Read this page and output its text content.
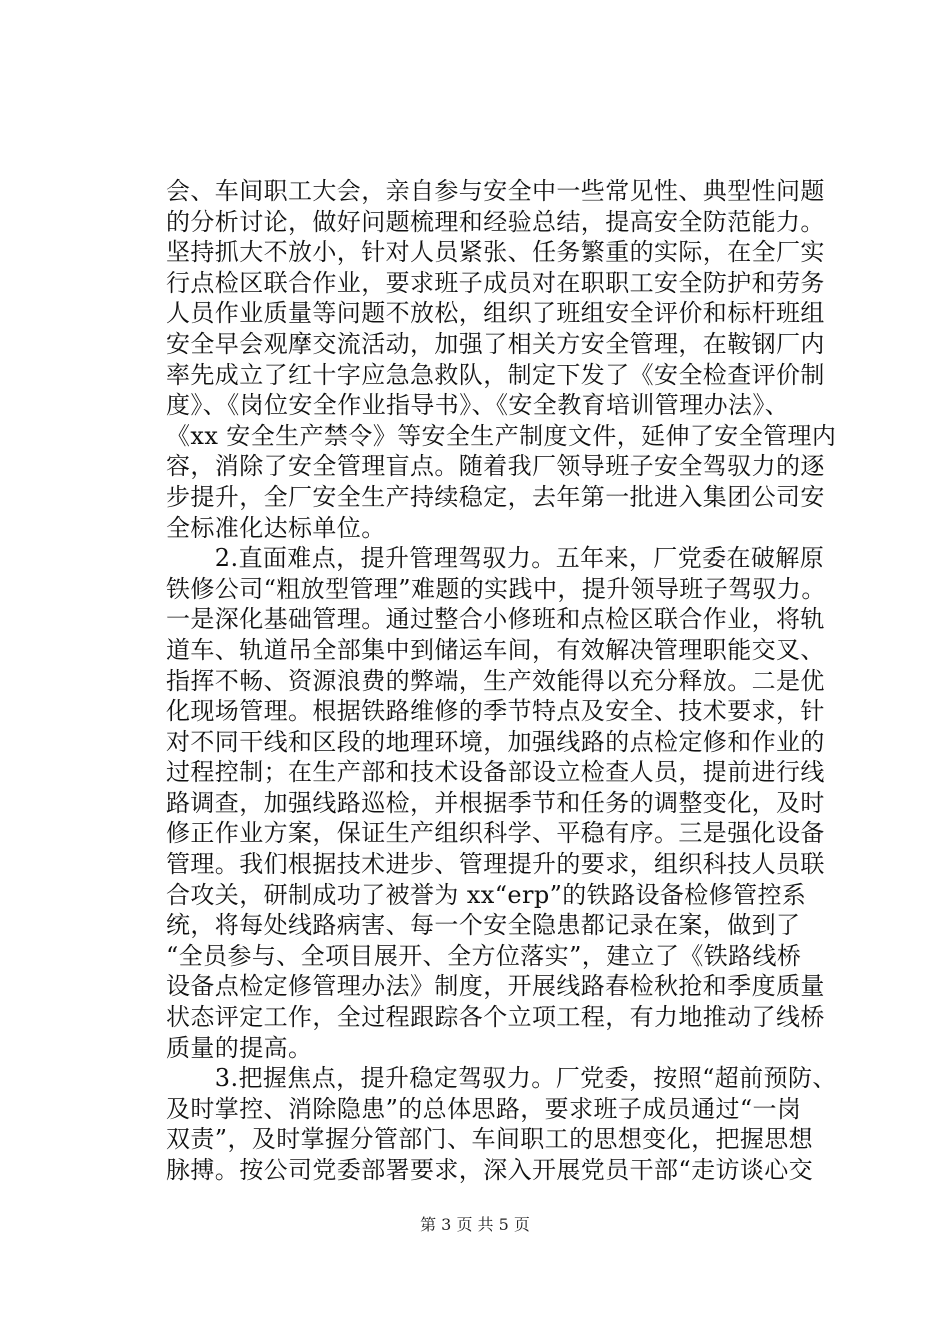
会、车间职工大会，亲自参与安全中一些常见性、典型性问题
的分析讨论，做好问题梳理和经验总结，提高安全防范能力。
坚持抓大不放小，针对人员紧张、任务繁重的实际，在全厂实
行点检区联合作业，要求班子成员对在职职工安全防护和劳务
人员作业质量等问题不放松，组织了班组安全评价和标杆班组
安全早会观摩交流活动，加强了相关方安全管理，在鞍钢厂内
率先成立了红十字应急急救队，制定下发了《安全检查评价制
度》、《岗位安全作业指导书》、《安全教育培训管理办法》、
《xx 安全生产禁令》等安全生产制度文件，延伸了安全管理内
容，消除了安全管理盲点。随着我厂领导班子安全驾驭力的逐
步提升，全厂安全生产持续稳定，去年第一批进入集团公司安
全标准化达标单位。
　　2.直面难点，提升管理驾驭力。五年来，厂党委在破解原
铁修公司“粗放型管理”难题的实践中，提升领导班子驾驭力。
一是深化基础管理。通过整合小修班和点检区联合作业，将轨
道车、轨道吊全部集中到储运车间，有效解决管理职能交叉、
指挥不畅、资源浪费的弊端，生产效能得以充分释放。二是优
化现场管理。根据铁路维修的季节特点及安全、技术要求，针
对不同干线和区段的地理环境，加强线路的点检定修和作业的
过程控制；在生产部和技术设备部设立检查人员，提前进行线
路调查，加强线路巡检，并根据季节和任务的调整变化，及时
修正作业方案，保证生产组织科学、平稳有序。三是强化设备
管理。我们根据技术进步、管理提升的要求，组织科技人员联
合攻关，研制成功了被誉为 xx“erp”的铁路设备检修管控系
统，将每处线路病害、每一个安全隐患都记录在案，做到了
“全员参与、全项目展开、全方位落实”，建立了《铁路线桥
设备点检定修管理办法》制度，开展线路春检秋抢和季度质量
状态评定工作，全过程跟踪各个立项工程，有力地推动了线桥
质量的提高。
　　3.把握焦点，提升稳定驾驭力。厂党委，按照“超前预防、
及时掌控、消除隐患”的总体思路，要求班子成员通过“一岗
双责”，及时掌握分管部门、车间职工的思想变化，把握思想
脉搏。按公司党委部署要求，深入开展党员干部“走访谈心交
第 3 页 共 5 页
